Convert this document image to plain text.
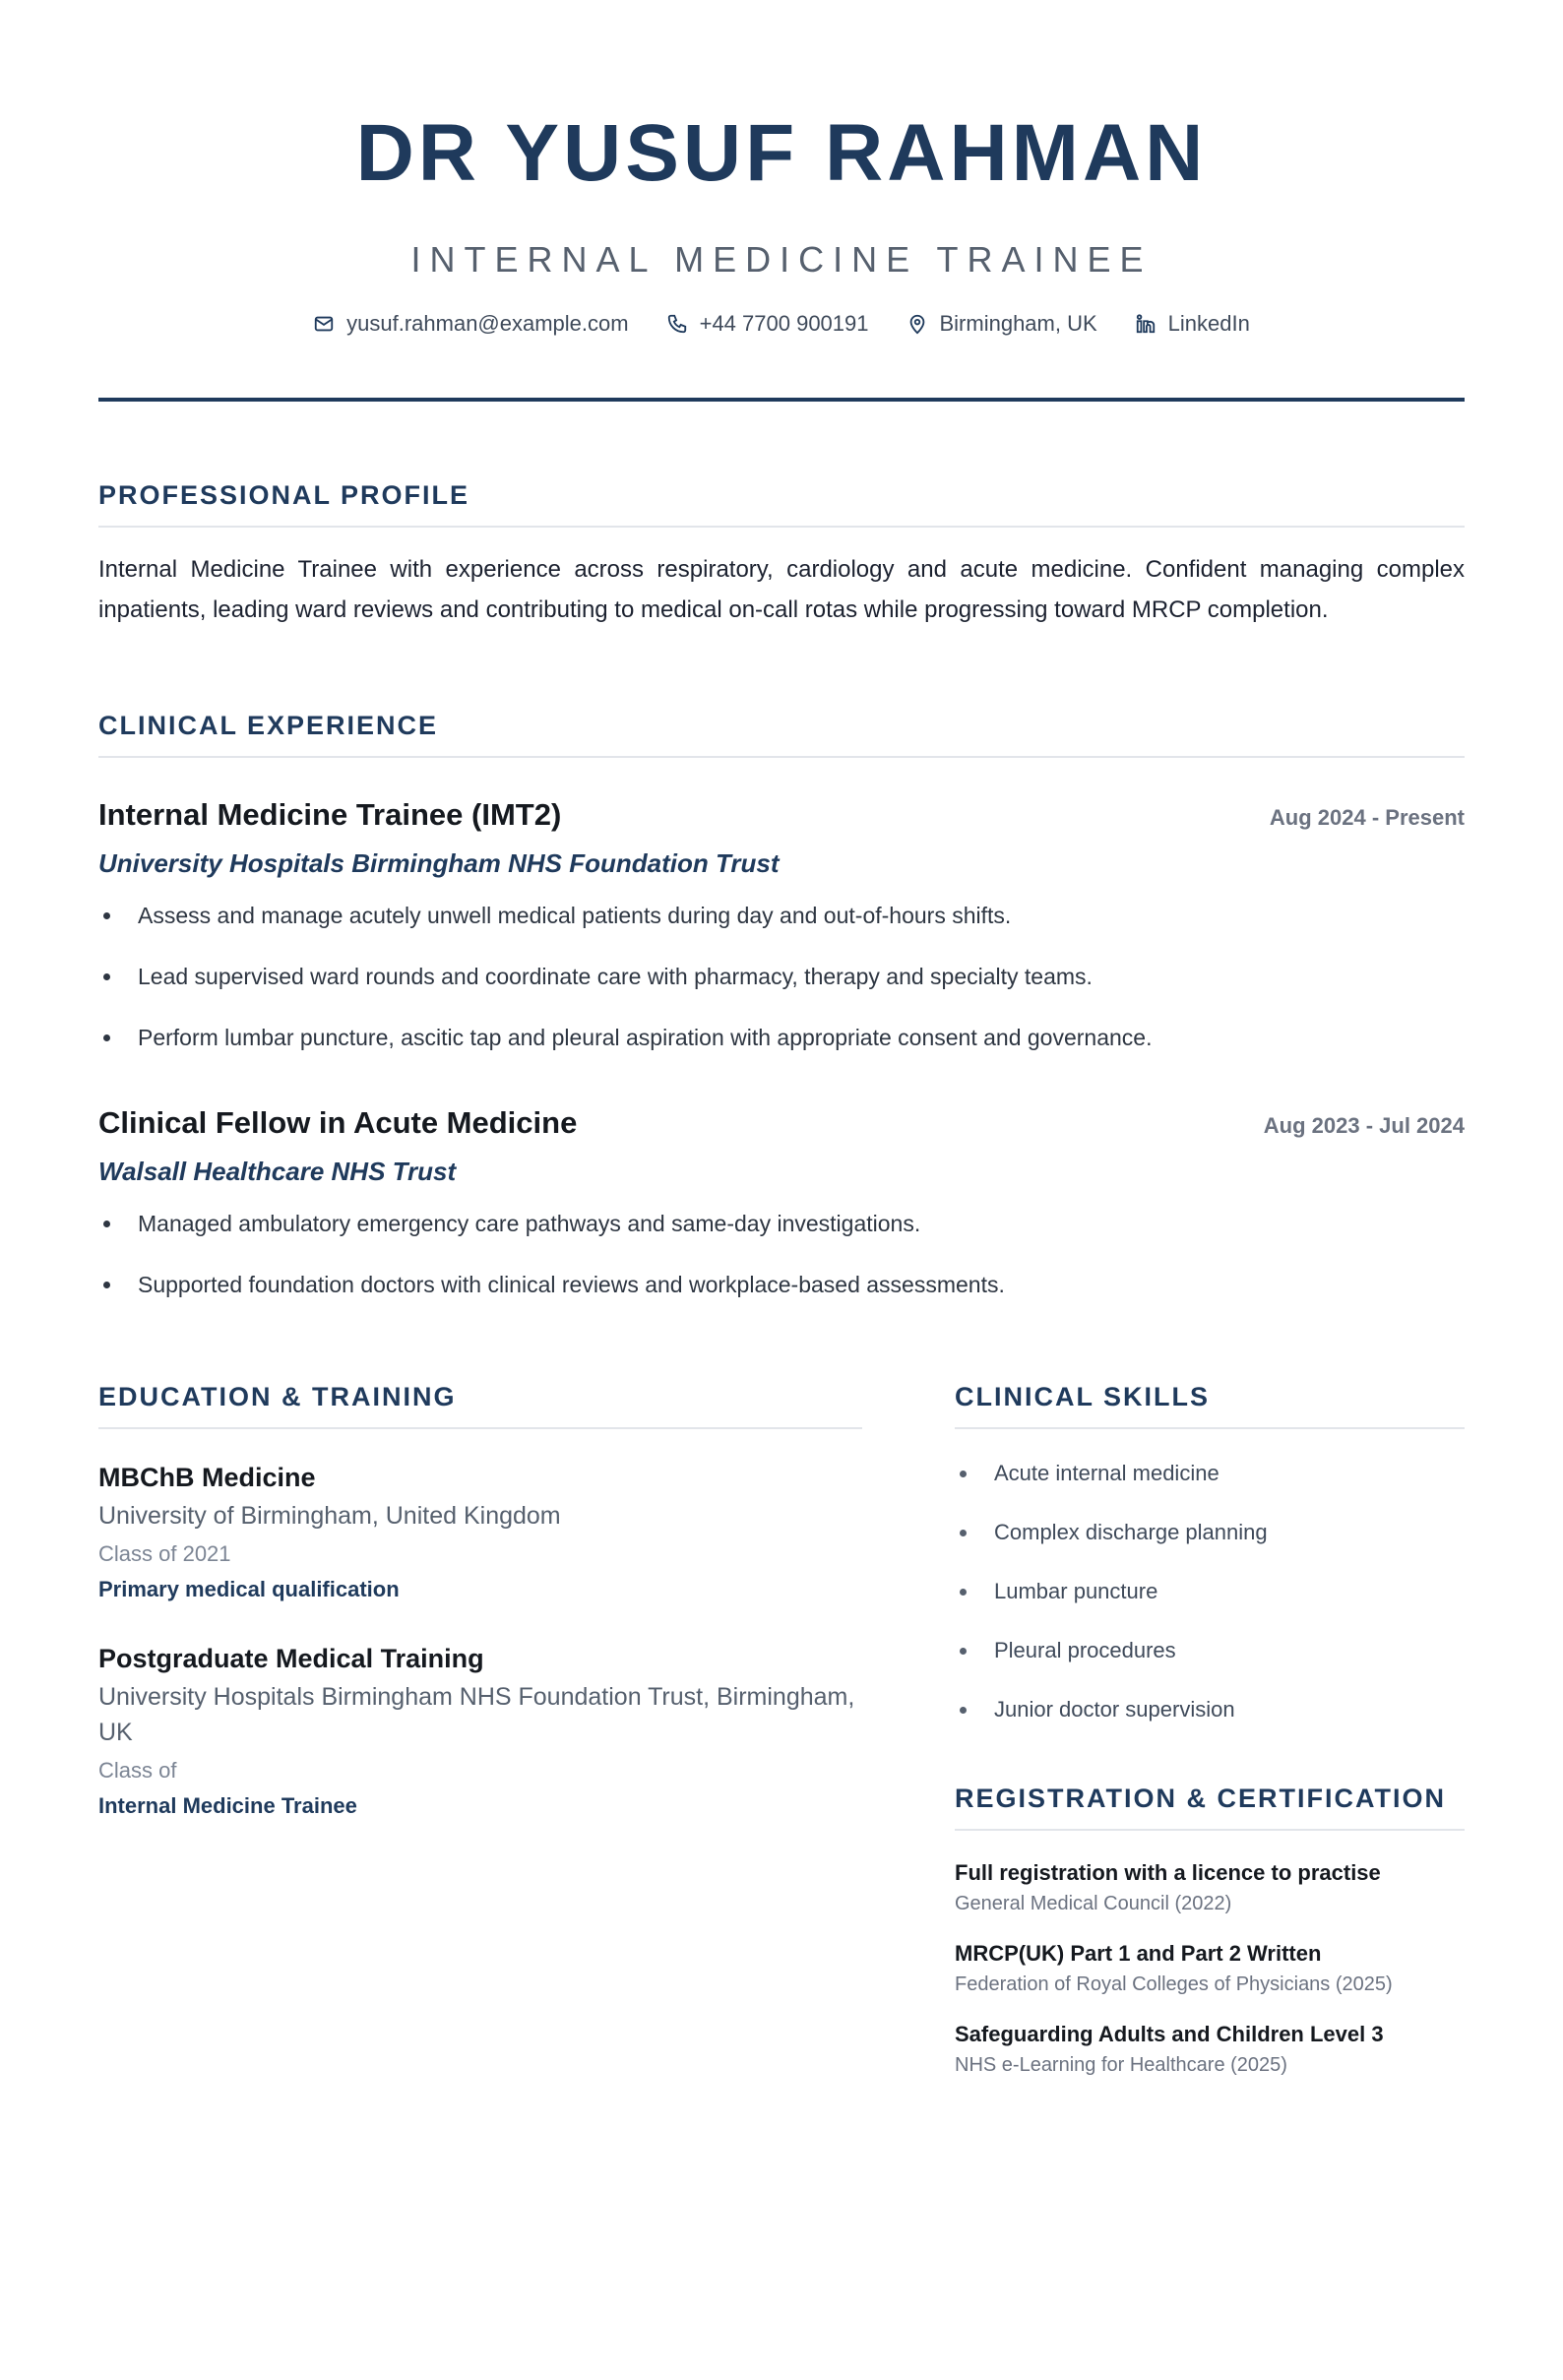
DR YUSUF RAHMAN
INTERNAL MEDICINE TRAINEE
yusuf.rahman@example.com	+44 7700 900191	Birmingham, UK	LinkedIn
PROFESSIONAL PROFILE

Internal Medicine Trainee with experience across respiratory, cardiology and acute medicine. Confident managing complex inpatients, leading ward reviews and contributing to medical on-call rotas while progressing toward MRCP completion.

CLINICAL EXPERIENCE
Internal Medicine Trainee (IMT2)	Aug 2024 - Present
University Hospitals Birmingham NHS Foundation Trust
Assess and manage acutely unwell medical patients during day and out-of-hours shifts.
Lead supervised ward rounds and coordinate care with pharmacy, therapy and specialty teams.
Perform lumbar puncture, ascitic tap and pleural aspiration with appropriate consent and governance.
Clinical Fellow in Acute Medicine	Aug 2023 - Jul 2024
Walsall Healthcare NHS Trust
Managed ambulatory emergency care pathways and same-day investigations.
Supported foundation doctors with clinical reviews and workplace-based assessments.
EDUCATION & TRAINING
MBChB Medicine
University of Birmingham, United Kingdom
Class of 2021
Primary medical qualification
Postgraduate Medical Training
University Hospitals Birmingham NHS Foundation Trust, Birmingham, UK
Class of
Internal Medicine Trainee
CLINICAL SKILLS
Acute internal medicine
Complex discharge planning
Lumbar puncture
Pleural procedures
Junior doctor supervision
REGISTRATION & CERTIFICATION
Full registration with a licence to practise
General Medical Council (2022)
MRCP(UK) Part 1 and Part 2 Written
Federation of Royal Colleges of Physicians (2025)
Safeguarding Adults and Children Level 3
NHS e-Learning for Healthcare (2025)
